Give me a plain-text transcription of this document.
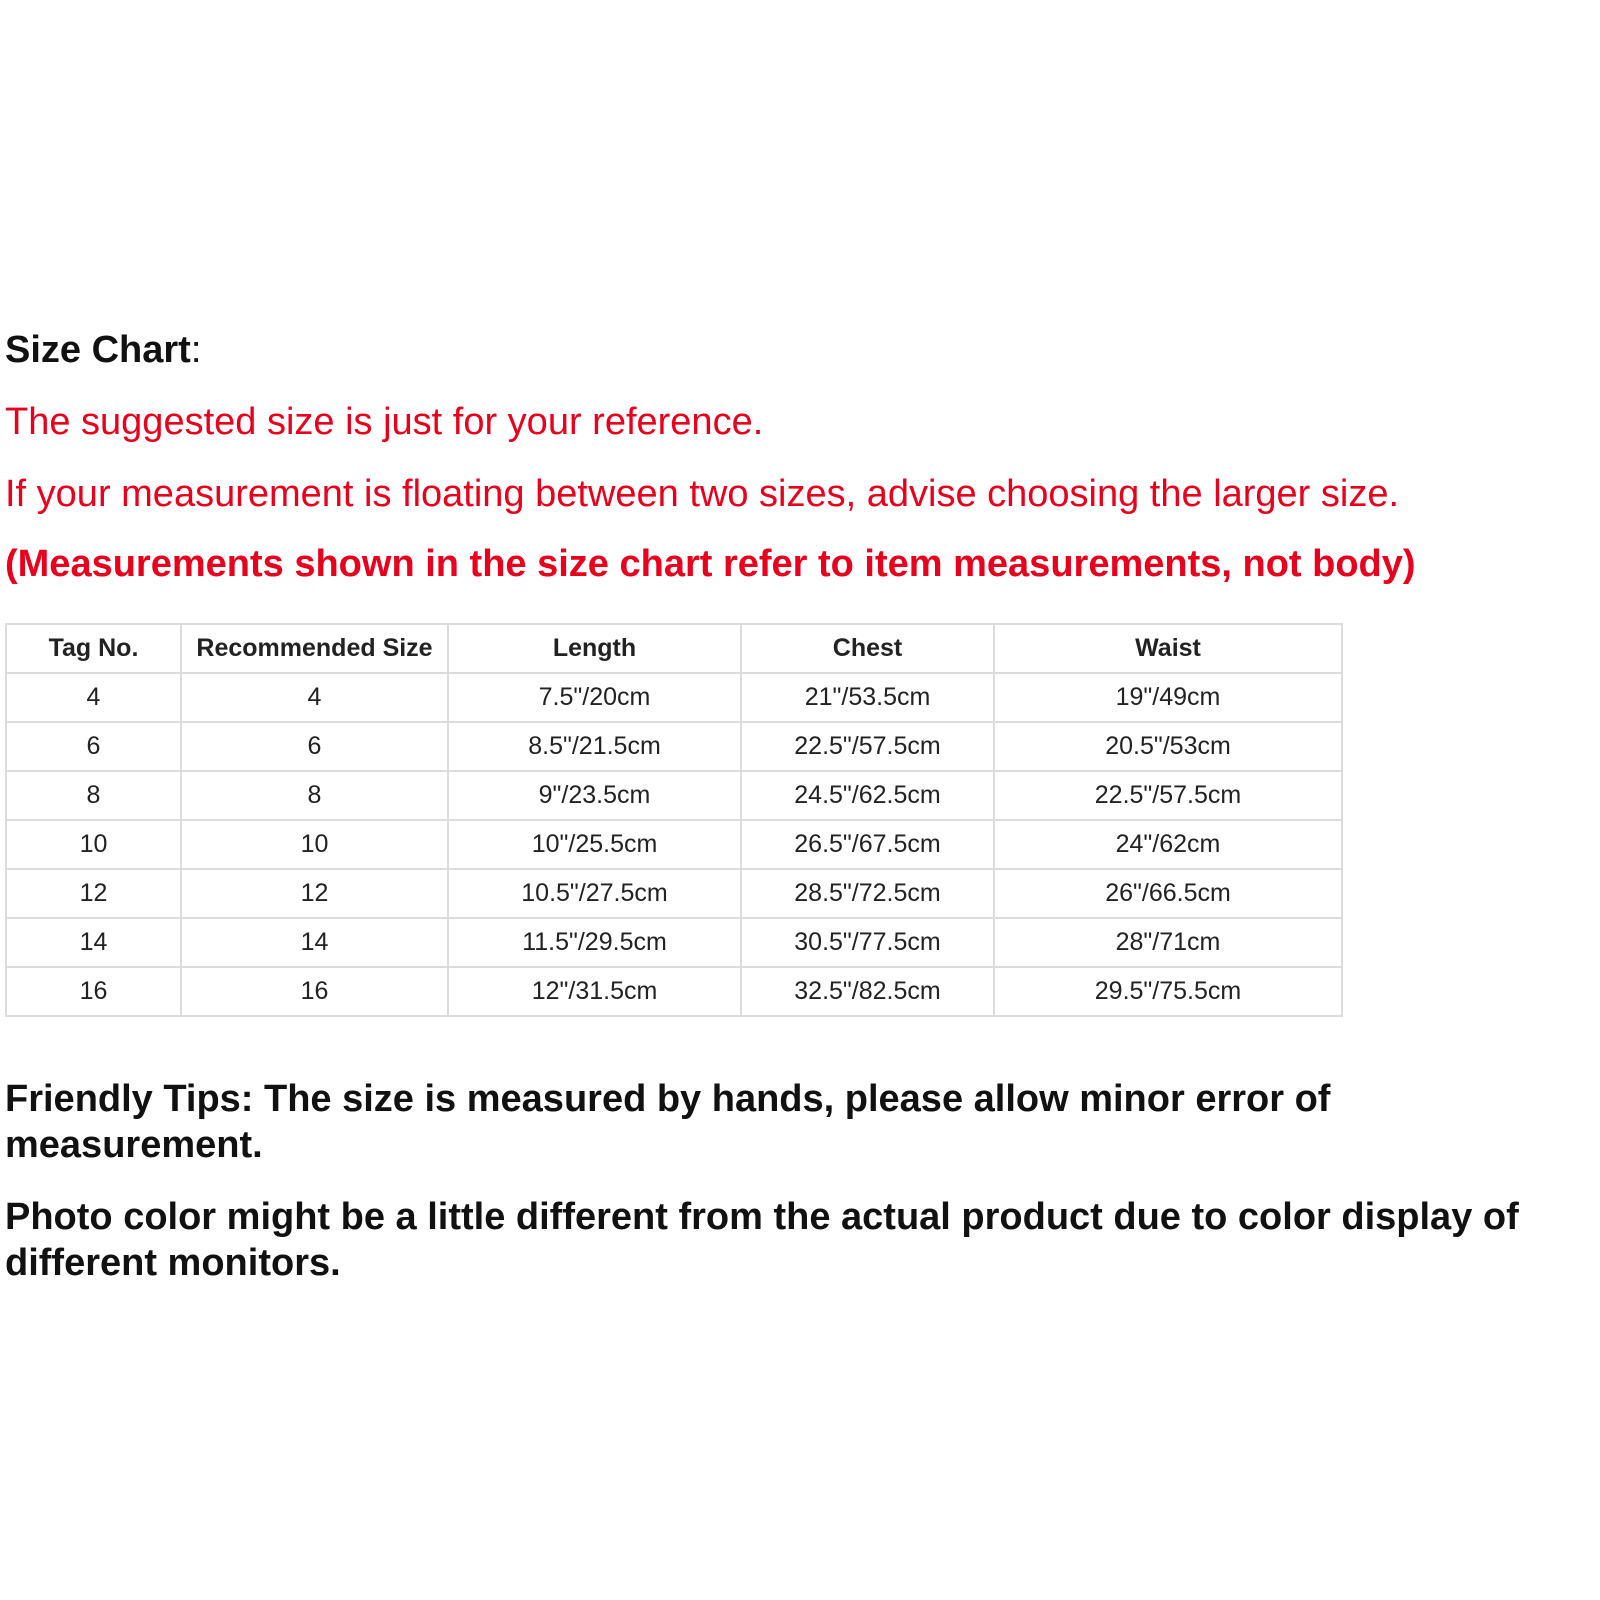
Size Chart:
The suggested size is just for your reference.
If your measurement is floating between two sizes, advise choosing the larger size.
(Measurements shown in the size chart refer to item measurements, not body)
Tag No.	Recommended Size	Length	Chest	Waist
4	4	7.5"/20cm	21"/53.5cm	19"/49cm
6	6	8.5"/21.5cm	22.5"/57.5cm	20.5"/53cm
8	8	9"/23.5cm	24.5"/62.5cm	22.5"/57.5cm
10	10	10"/25.5cm	26.5"/67.5cm	24"/62cm
12	12	10.5"/27.5cm	28.5"/72.5cm	26"/66.5cm
14	14	11.5"/29.5cm	30.5"/77.5cm	28"/71cm
16	16	12"/31.5cm	32.5"/82.5cm	29.5"/75.5cm
Friendly Tips: The size is measured by hands, please allow minor error of measurement.
Photo color might be a little different from the actual product due to color display of different monitors.
